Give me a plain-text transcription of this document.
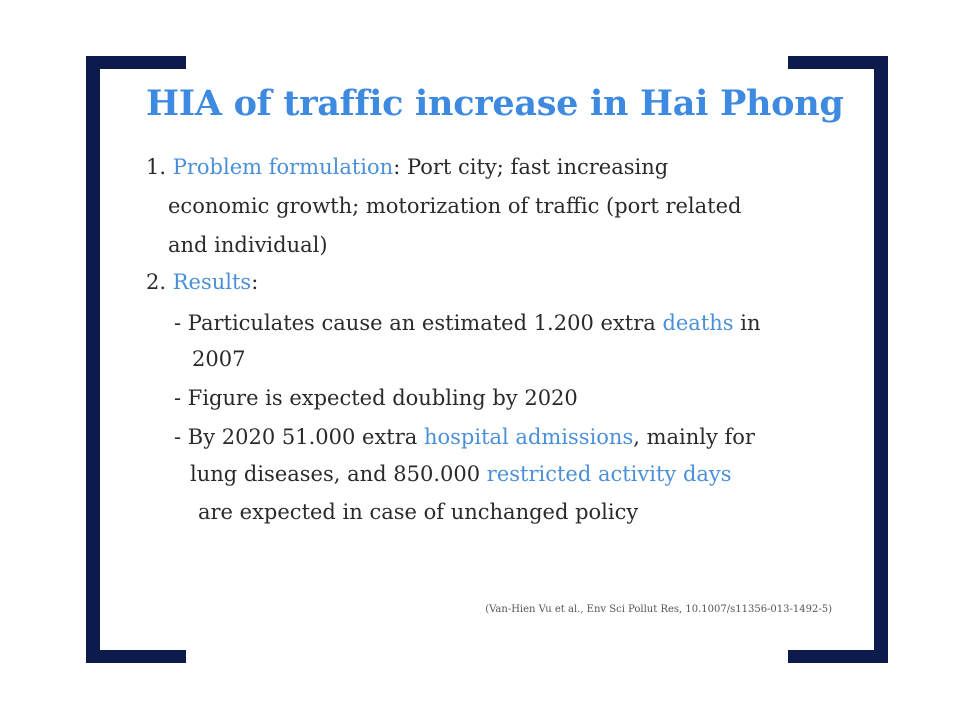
HIA of traffic increase in Hai Phong
1. Problem formulation: Port city; fast increasing
economic growth; motorization of traffic (port related
and individual)
2. Results:
- Particulates cause an estimated 1.200 extra deaths in
2007
- Figure is expected doubling by 2020
- By 2020 51.000 extra hospital admissions, mainly for
lung diseases, and 850.000 restricted activity days
are expected in case of unchanged policy
(Van-Hien Vu et al., Env Sci Pollut Res, 10.1007/s11356-013-1492-5)
